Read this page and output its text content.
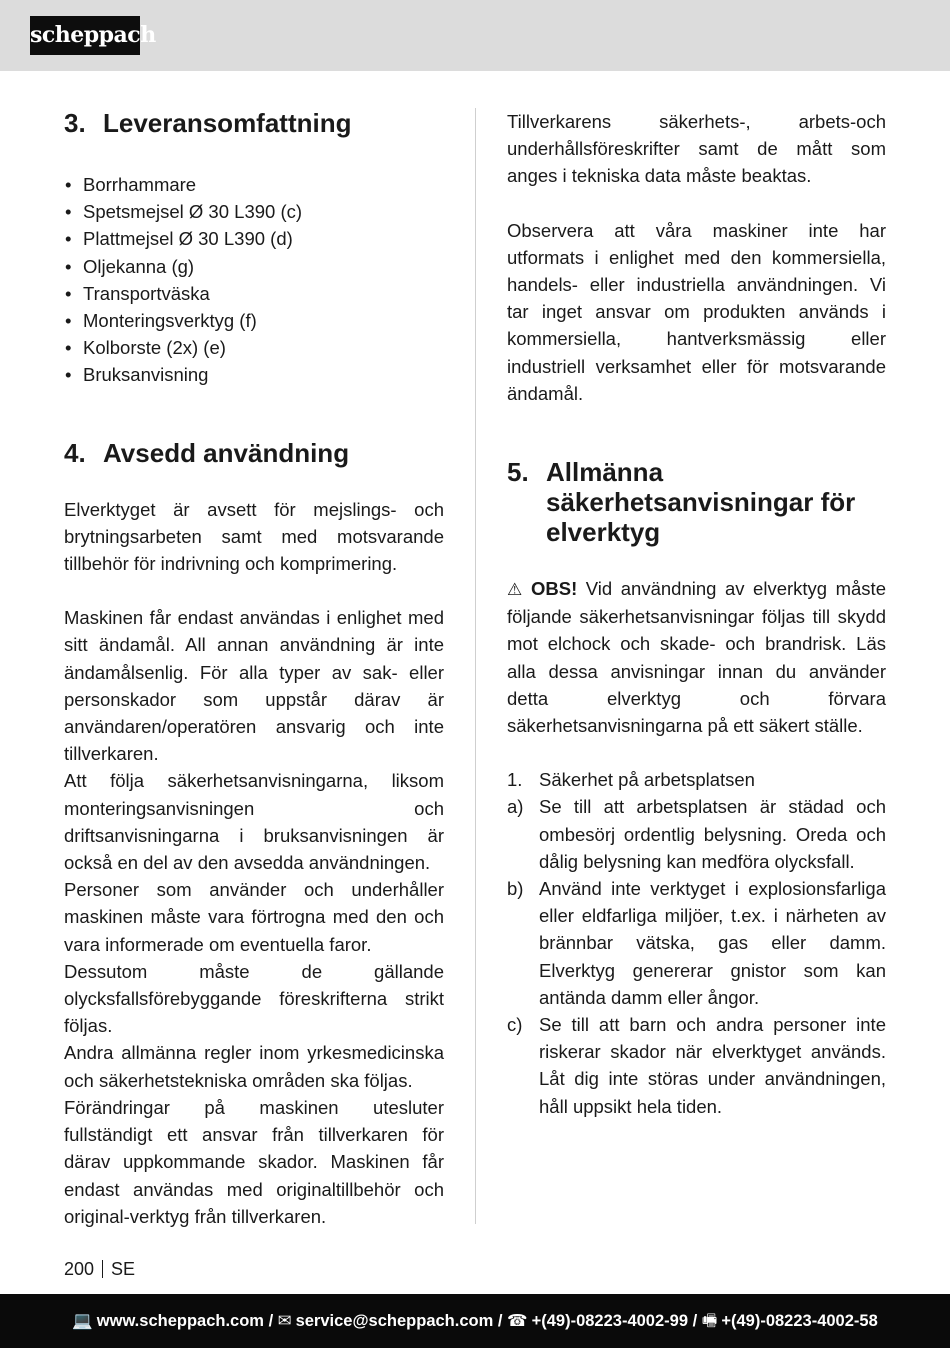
scheppach
3. Leveransomfattning
• Borrhammare
• Spetsmejsel Ø 30 L390 (c)
• Plattmejsel Ø 30 L390 (d)
• Oljekanna (g)
• Transportväska
• Monteringsverktyg (f)
• Kolborste (2x) (e)
• Bruksanvisning
4. Avsedd användning

Elverktyget är avsett för mejslings- och brytningsarbeten samt med motsvarande tillbehör för indrivning och komprimering.

Maskinen får endast användas i enlighet med sitt ändamål. All annan användning är inte ändamålsenlig. För alla typer av sak- eller personskador som uppstår därav är användaren/operatören ansvarig och inte tillverkaren.

Att följa säkerhetsanvisningarna, liksom monteringsanvisningen och driftsanvisningarna i bruksanvisningen är också en del av den avsedda användningen.

Personer som använder och underhåller maskinen måste vara förtrogna med den och vara informerade om eventuella faror.

Dessutom måste de gällande olycksfallsförebyggande föreskrifterna strikt följas.

Andra allmänna regler inom yrkesmedicinska och säkerhetstekniska områden ska följas.

Förändringar på maskinen utesluter fullständigt ett ansvar från tillverkaren för därav uppkommande skador. Maskinen får endast användas med originaltillbehör och original-verktyg från tillverkaren.

Tillverkarens säkerhets-, arbets-och underhållsföreskrifter samt de mått som anges i tekniska data måste beaktas.

Observera att våra maskiner inte har utformats i enlighet med den kommersiella, handels- eller industriella användningen. Vi tar inget ansvar om produkten används i kommersiella, hantverksmässig eller industriell verksamhet eller för motsvarande ändamål.

5. Allmänna säkerhetsanvisningar för elverktyg

⚠ OBS! Vid användning av elverktyg måste följande säkerhetsanvisningar följas till skydd mot elchock och skade- och brandrisk. Läs alla dessa anvisningar innan du använder detta elverktyg och förvara säkerhetsanvisningarna på ett säkert ställe.

1. Säkerhet på arbetsplatsen
a) Se till att arbetsplatsen är städad och ombesörj ordentlig belysning. Oreda och dålig belysning kan medföra olycksfall.
b) Använd inte verktyget i explosionsfarliga eller eldfarliga miljöer, t.ex. i närheten av brännbar vätska, gas eller damm. Elverktyg genererar gnistor som kan antända damm eller ångor.
c) Se till att barn och andra personer inte riskerar skador när elverktyget används. Låt dig inte störas under användningen, håll uppsikt hela tiden.
200 SE
💻 www.scheppach.com / ✉ service@scheppach.com / ☎ +(49)-08223-4002-99 / 🖷 +(49)-08223-4002-58
